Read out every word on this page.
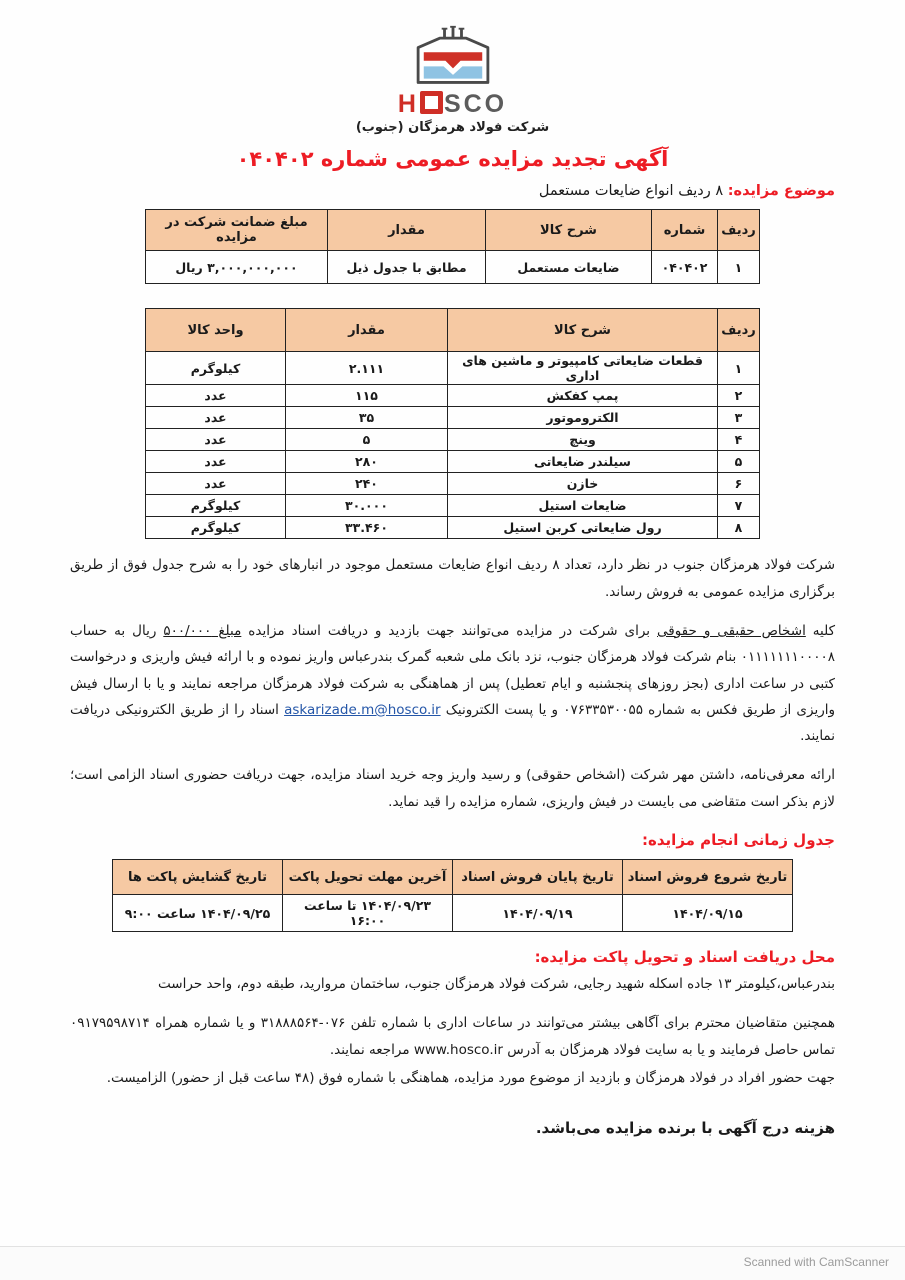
H SCO
شرکت فولاد هرمزگان (جنوب)
آگهی تجدید مزایده عمومی شماره ۰۴۰۴۰۲
موضوع مزایده: ۸ ردیف انواع ضایعات مستعمل
ردیف	شماره	شرح کالا	مقدار	مبلغ ضمانت شرکت در مزایده
۱	۰۴۰۴۰۲	ضایعات مستعمل	مطابق با جدول ذیل	۳,۰۰۰,۰۰۰,۰۰۰ ریال
ردیف	شرح کالا	مقدار	واحد کالا
۱	قطعات ضایعاتی کامپیوتر و ماشین های اداری	۲.۱۱۱	کیلوگرم
۲	پمپ کفکش	۱۱۵	عدد
۳	الکتروموتور	۳۵	عدد
۴	وینچ	۵	عدد
۵	سیلندر ضایعاتی	۲۸۰	عدد
۶	خازن	۲۴۰	عدد
۷	ضایعات استیل	۳۰.۰۰۰	کیلوگرم
۸	رول ضایعاتی کربن استیل	۳۳.۴۶۰	کیلوگرم

شرکت فولاد هرمزگان جنوب در نظر دارد، تعداد ۸ ردیف انواع ضایعات مستعمل موجود در انبارهای خود را به شرح جدول فوق از طریق برگزاری مزایده عمومی به فروش رساند.

کلیه اشخاص حقیقی و حقوقی برای شرکت در مزایده می‌توانند جهت بازدید و دریافت اسناد مزایده مبلغ ۵۰۰/۰۰۰ ریال به حساب ۰۱۱۱۱۱۱۱۰۰۰۰۸ بنام شرکت فولاد هرمزگان جنوب، نزد بانک ملی شعبه گمرک بندرعباس واریز نموده و با ارائه فیش واریزی و درخواست کتبی در ساعت اداری (بجز روزهای پنجشنبه و ایام تعطیل) پس از هماهنگی به شرکت فولاد هرمزگان مراجعه نمایند و یا با ارسال فیش واریزی از طریق فکس به شماره ۰۷۶۳۳۵۳۰۰۵۵ و یا پست الکترونیک askarizade.m@hosco.ir اسناد را از طریق الکترونیکی دریافت نمایند.

ارائه معرفی‌نامه، داشتن مهر شرکت (اشخاص حقوقی) و رسید واریز وجه خرید اسناد مزایده، جهت دریافت حضوری اسناد الزامی است؛ لازم بذکر است متقاضی می بایست در فیش واریزی، شماره مزایده را قید نماید.

جدول زمانی انجام مزایده:
تاریخ شروع فروش اسناد	تاریخ پایان فروش اسناد	آخرین مهلت تحویل پاکت	تاریخ گشایش پاکت ها
۱۴۰۴/۰۹/۱۵	۱۴۰۴/۰۹/۱۹	۱۴۰۴/۰۹/۲۳ تا ساعت ۱۶:۰۰	۱۴۰۴/۰۹/۲۵ ساعت ۹:۰۰
محل دریافت اسناد و تحویل پاکت مزایده:

بندرعباس،کیلومتر ۱۳ جاده اسکله شهید رجایی، شرکت فولاد هرمزگان جنوب، ساختمان مروارید، طبقه دوم، واحد حراست

همچنین متقاضیان محترم برای آگاهی بیشتر می‌توانند در ساعات اداری با شماره تلفن ۰۷۶-۳۱۸۸۸۵۶۴ و یا شماره همراه ۰۹۱۷۹۵۹۸۷۱۴ تماس حاصل فرمایند و یا به سایت فولاد هرمزگان به آدرس www.hosco.ir مراجعه نمایند.

جهت حضور افراد در فولاد هرمزگان و بازدید از موضوع مورد مزایده، هماهنگی با شماره فوق (۴۸ ساعت قبل از حضور) الزامیست.

هزینه درج آگهی با برنده مزایده می‌باشد.

Scanned with CamScanner
